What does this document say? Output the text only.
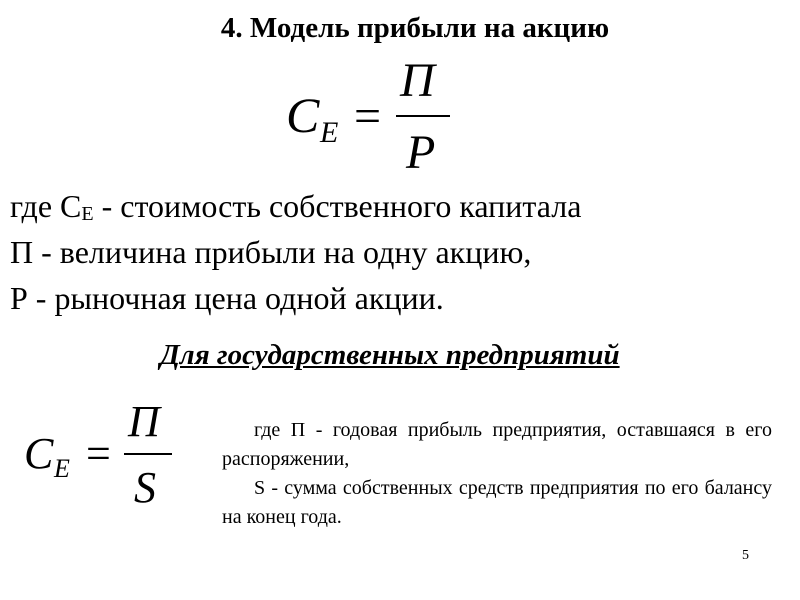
4. Модель прибыли на акцию
C E =
П
P
где $С_E$ - стоимость собственного капитала
П - величина прибыли на одну акцию,
Р - рыночная цена одной акции.
Для государственных предприятий
C E =
П
S

где П - годовая прибыль предприятия, оставшаяся в его распоряжении,

S - сумма собственных средств предприятия по его балансу на конец года.

5
